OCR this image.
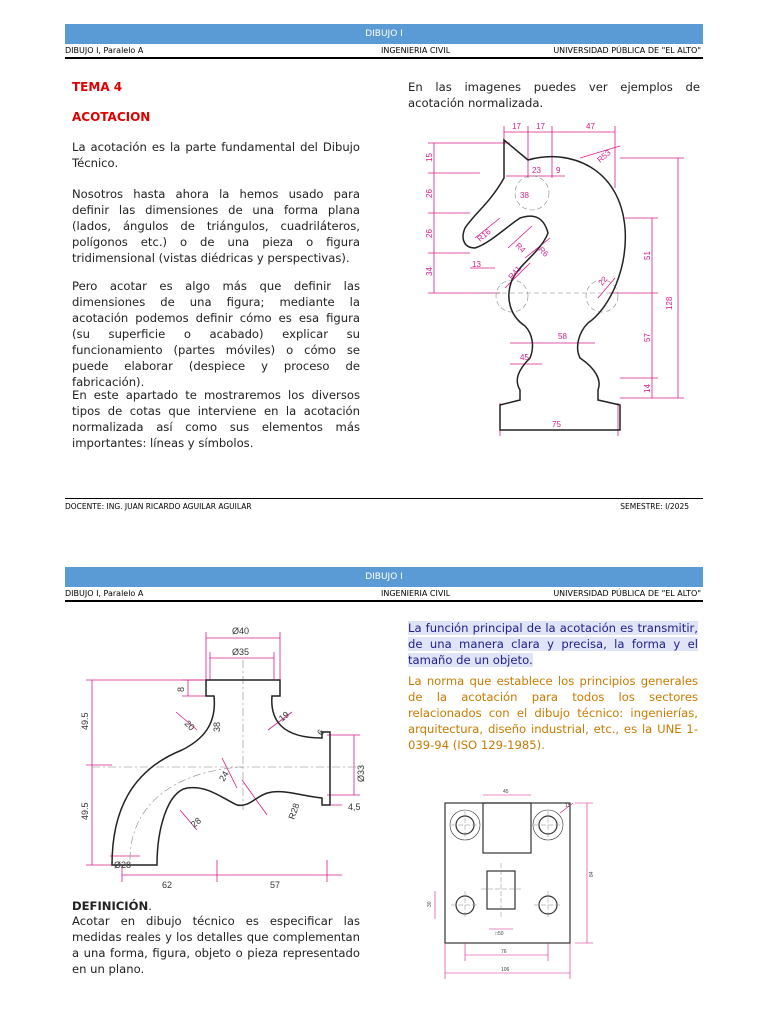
DIBUJO I
DIBUJO I, Paralelo A	INGENIERIA CIVIL	UNIVERSIDAD PÚBLICA DE "EL ALTO"
TEMA 4
ACOTACION

La acotación es la parte fundamental del Dibujo Técnico.

Nosotros hasta ahora la hemos usado para definir las dimensiones de una forma plana (lados, ángulos de triángulos, cuadriláteros, polígonos etc.) o de una pieza o figura tridimensional (vistas diédricas y perspectivas).

Pero acotar es algo más que definir las dimensiones de una figura; mediante la acotación podemos definir cómo es esa figura (su superficie o acabado) explicar su funcionamiento (partes móviles) o cómo se puede elaborar (despiece y proceso de fabricación).

En este apartado te mostraremos los diversos tipos de cotas que interviene en la acotación normalizada así como sus elementos más importantes: líneas y símbolos.

En las imagenes puedes ver ejemplos de acotación normalizada.

17 17	47
15
26
26
34
23 9
38
R53
R16
R4 R6
R41
13
22
51
128
58	57
45
14
75
DOCENTE: ING. JUAN RICARDO AGUILAR AGUILAR	SEMESTRE: I/2025
DIBUJO I
DIBUJO I, Paralelo A	INGENIERIA CIVIL	UNIVERSIDAD PÚBLICA DE "EL ALTO"
Ø40
Ø35
8
20 38
19
49.5
49.5
6
Ø33
24
R28	4,5
28
Ø28
62	57
DEFINICIÓN.

Acotar en dibujo técnico es especificar las medidas reales y los detalles que complementan a una forma, figura, objeto o pieza representado en un plano.

La función principal de la acotación es transmitir, de una manera clara y precisa, la forma y el tamaño de un objeto.

La norma que establece los principios generales de la acotación para todos los sectores relacionados con el dibujo técnico: ingenierías, arquitectura, diseño industrial, etc., es la UNE 1-039-94 (ISO 129-1985).

45
15
84
30
□50
76
106
